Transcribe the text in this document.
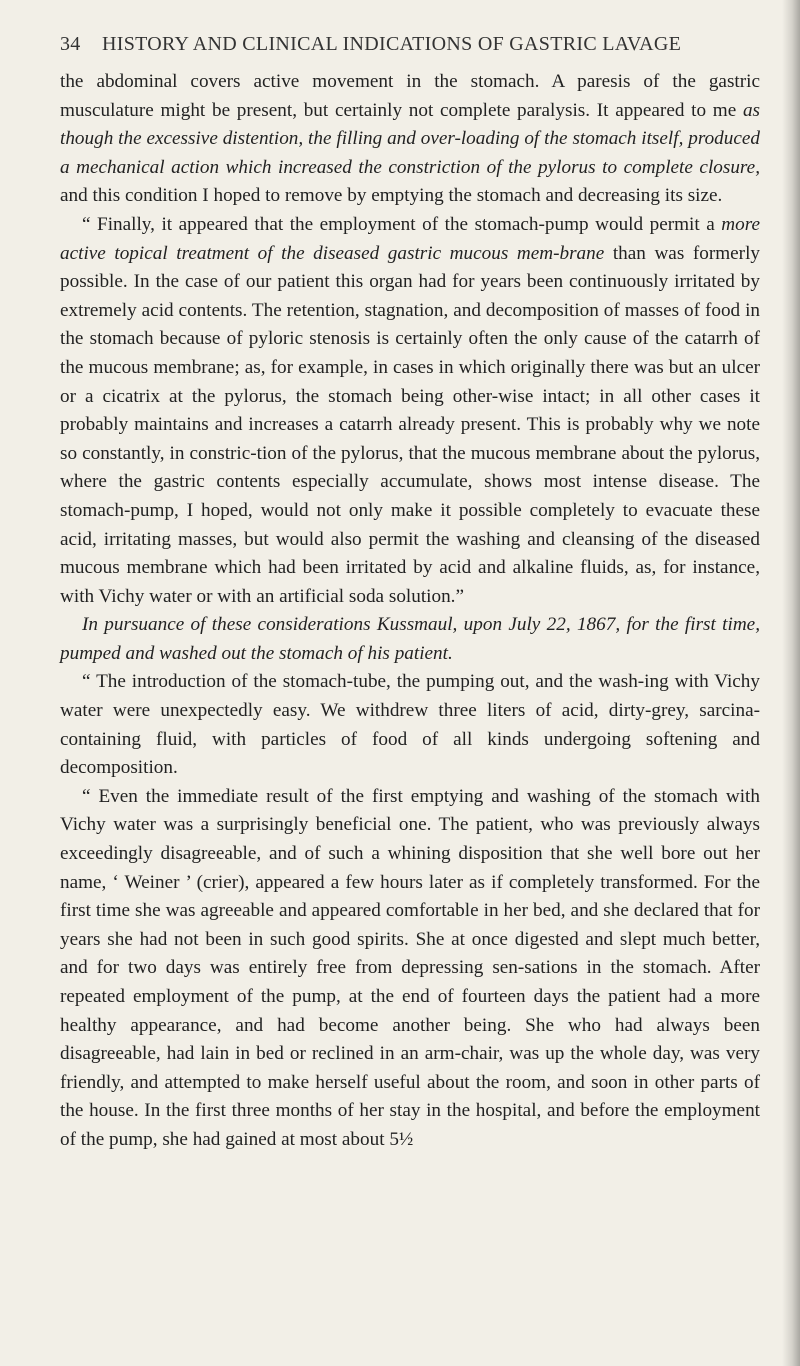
34 HISTORY AND CLINICAL INDICATIONS OF GASTRIC LAVAGE

the abdominal covers active movement in the stomach. A paresis of the gastric musculature might be present, but certainly not complete paralysis. It appeared to me as though the excessive distention, the filling and over-loading of the stomach itself, produced a mechanical action which increased the constriction of the pylorus to complete closure, and this condition I hoped to remove by emptying the stomach and decreasing its size.

“ Finally, it appeared that the employment of the stomach-pump would permit a more active topical treatment of the diseased gastric mucous mem-brane than was formerly possible. In the case of our patient this organ had for years been continuously irritated by extremely acid contents. The retention, stagnation, and decomposition of masses of food in the stomach because of pyloric stenosis is certainly often the only cause of the catarrh of the mucous membrane; as, for example, in cases in which originally there was but an ulcer or a cicatrix at the pylorus, the stomach being other-wise intact; in all other cases it probably maintains and increases a catarrh already present. This is probably why we note so constantly, in constric-tion of the pylorus, that the mucous membrane about the pylorus, where the gastric contents especially accumulate, shows most intense disease. The stomach-pump, I hoped, would not only make it possible completely to evacuate these acid, irritating masses, but would also permit the washing and cleansing of the diseased mucous membrane which had been irritated by acid and alkaline fluids, as, for instance, with Vichy water or with an artificial soda solution.”

In pursuance of these considerations Kussmaul, upon July 22, 1867, for the first time, pumped and washed out the stomach of his patient.

“ The introduction of the stomach-tube, the pumping out, and the wash-ing with Vichy water were unexpectedly easy. We withdrew three liters of acid, dirty-grey, sarcina-containing fluid, with particles of food of all kinds undergoing softening and decomposition.

“ Even the immediate result of the first emptying and washing of the stomach with Vichy water was a surprisingly beneficial one. The patient, who was previously always exceedingly disagreeable, and of such a whining disposition that she well bore out her name, ‘ Weiner ’ (crier), appeared a few hours later as if completely transformed. For the first time she was agreeable and appeared comfortable in her bed, and she declared that for years she had not been in such good spirits. She at once digested and slept much better, and for two days was entirely free from depressing sen-sations in the stomach. After repeated employment of the pump, at the end of fourteen days the patient had a more healthy appearance, and had become another being. She who had always been disagreeable, had lain in bed or reclined in an arm-chair, was up the whole day, was very friendly, and attempted to make herself useful about the room, and soon in other parts of the house. In the first three months of her stay in the hospital, and before the employment of the pump, she had gained at most about 5½
